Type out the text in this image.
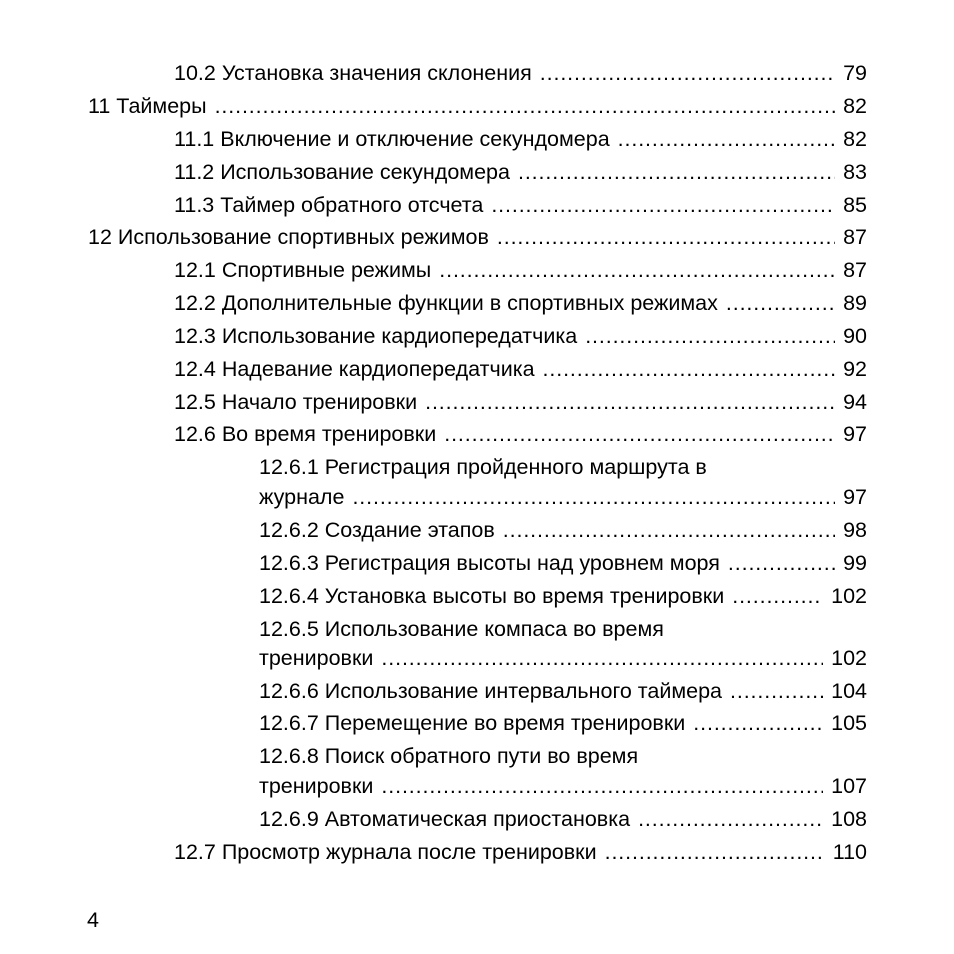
10.2 Установка значения склонения . . .	79
11 Таймеры . . .	82
11.1 Включение и отключение секундомера . . .	82
11.2 Использование секундомера . . .	83
11.3 Таймер обратного отсчета . . .	85
12 Использование спортивных режимов . . .	87
12.1 Спортивные режимы . . .	87
12.2 Дополнительные функции в спортивных режимах . . .	89
12.3 Использование кардиопередатчика . . .	90
12.4 Надевание кардиопередатчика . . .	92
12.5 Начало тренировки . . .	94
12.6 Во время тренировки . . .	97
12.6.1 Регистрация пройденного маршрута в
журнале . . .	97
12.6.2 Создание этапов . . .	98
12.6.3 Регистрация высоты над уровнем моря . . .	99
12.6.4 Установка высоты во время тренировки . . .	102
12.6.5 Использование компаса во время
тренировки . . .	102
12.6.6 Использование интервального таймера . . .	104
12.6.7 Перемещение во время тренировки . . .	105
12.6.8 Поиск обратного пути во время
тренировки . . .	107
12.6.9 Автоматическая приостановка . . .	108
12.7 Просмотр журнала после тренировки . . .	110
4
